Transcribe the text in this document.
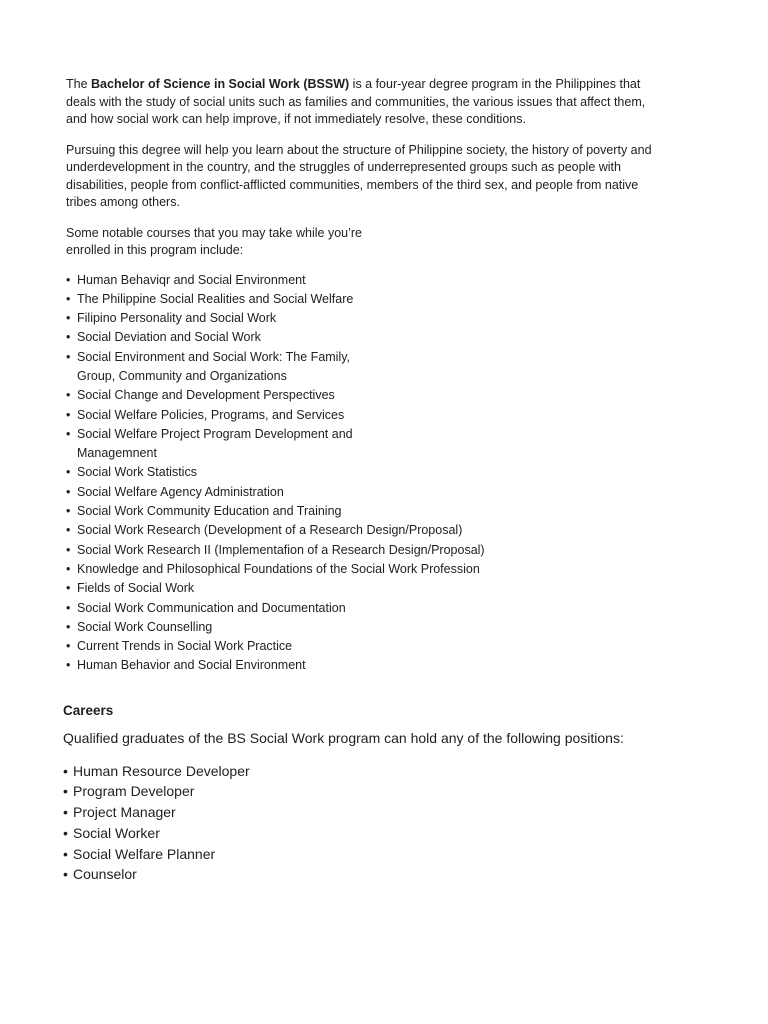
The Bachelor of Science in Social Work (BSSW) is a four-year degree program in the Philippines that deals with the study of social units such as families and communities, the various issues that affect them, and how social work can help improve, if not immediately resolve, these conditions.

Pursuing this degree will help you learn about the structure of Philippine society, the history of poverty and underdevelopment in the country, and the struggles of underrepresented groups such as people with disabilities, people from conflict-afflicted communities, members of the third sex, and people from native tribes among others.

Some notable courses that you may take while you’re enrolled in this program include:

• Human Behaviqr and Social Environment
• The Philippine Social Realities and Social Welfare
• Filipino Personality and Social Work
• Social Deviation and Social Work
• Social Environment and Social Work: The Family, Group, Community and Organizations
• Social Change and Development Perspectives
• Social Welfare Policies, Programs, and Services
• Social Welfare Project Program Development and Managemnent
• Social Work Statistics
• Social Welfare Agency Administration
• Social Work Community Education and Training
• Social Work Research (Development of a Research Design/Proposal)
• Social Work Research II (Implementafion of a Research Design/Proposal)
• Knowledge and Philosophical Foundations of the Social Work Profession
• Fields of Social Work
• Social Work Communication and Documentation
• Social Work Counselling
• Current Trends in Social Work Practice
• Human Behavior and Social Environment
Careers
Qualified graduates of the BS Social Work program can hold any of the following positions:
• Human Resource Developer
• Program Developer
• Project Manager
• Social Worker
• Social Welfare Planner
• Counselor
